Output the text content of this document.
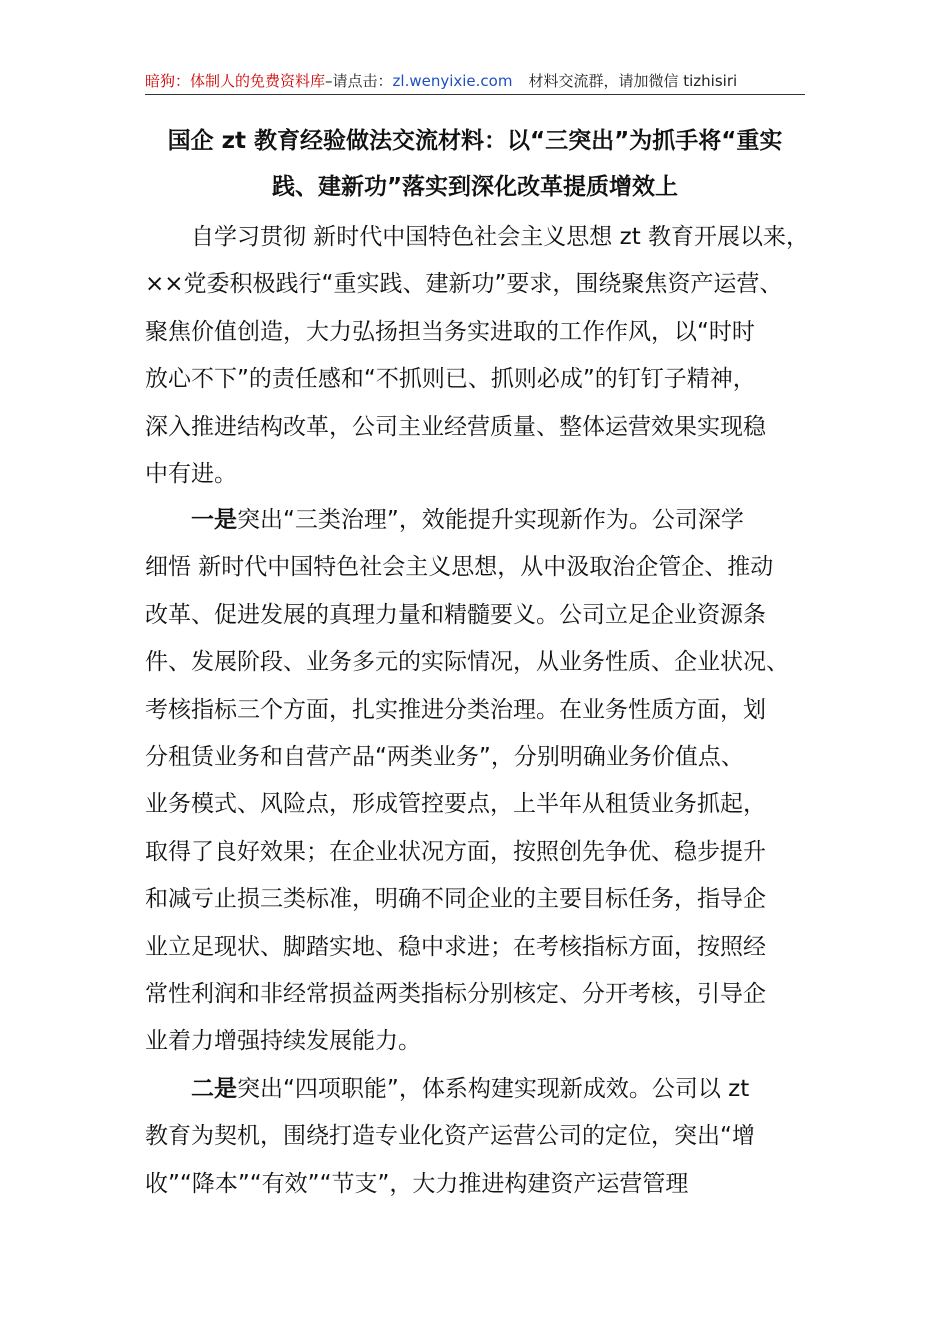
暗狗：体制人的免费资料库–请点击：zl.wenyixie.com 材料交流群，请加微信 tizhisiri
国企 zt 教育经验做法交流材料：以“三突出”为抓手将“重实
践、建新功”落实到深化改革提质增效上

自学习贯彻 新时代中国特色社会主义思想 zt 教育开展以来，
××党委积极践行“重实践、建新功”要求，围绕聚焦资产运营、
聚焦价值创造，大力弘扬担当务实进取的工作作风，以“时时
放心不下”的责任感和“不抓则已、抓则必成”的钉钉子精神，
深入推进结构改革，公司主业经营质量、整体运营效果实现稳
中有进。

一是突出“三类治理”，效能提升实现新作为。公司深学
细悟 新时代中国特色社会主义思想，从中汲取治企管企、推动
改革、促进发展的真理力量和精髓要义。公司立足企业资源条
件、发展阶段、业务多元的实际情况，从业务性质、企业状况、
考核指标三个方面，扎实推进分类治理。在业务性质方面，划
分租赁业务和自营产品“两类业务”，分别明确业务价值点、
业务模式、风险点，形成管控要点，上半年从租赁业务抓起，
取得了良好效果；在企业状况方面，按照创先争优、稳步提升
和减亏止损三类标准，明确不同企业的主要目标任务，指导企
业立足现状、脚踏实地、稳中求进；在考核指标方面，按照经
常性利润和非经常损益两类指标分别核定、分开考核，引导企
业着力增强持续发展能力。

二是突出“四项职能”，体系构建实现新成效。公司以 zt
教育为契机，围绕打造专业化资产运营公司的定位，突出“增
收”“降本”“有效”“节支”，大力推进构建资产运营管理
